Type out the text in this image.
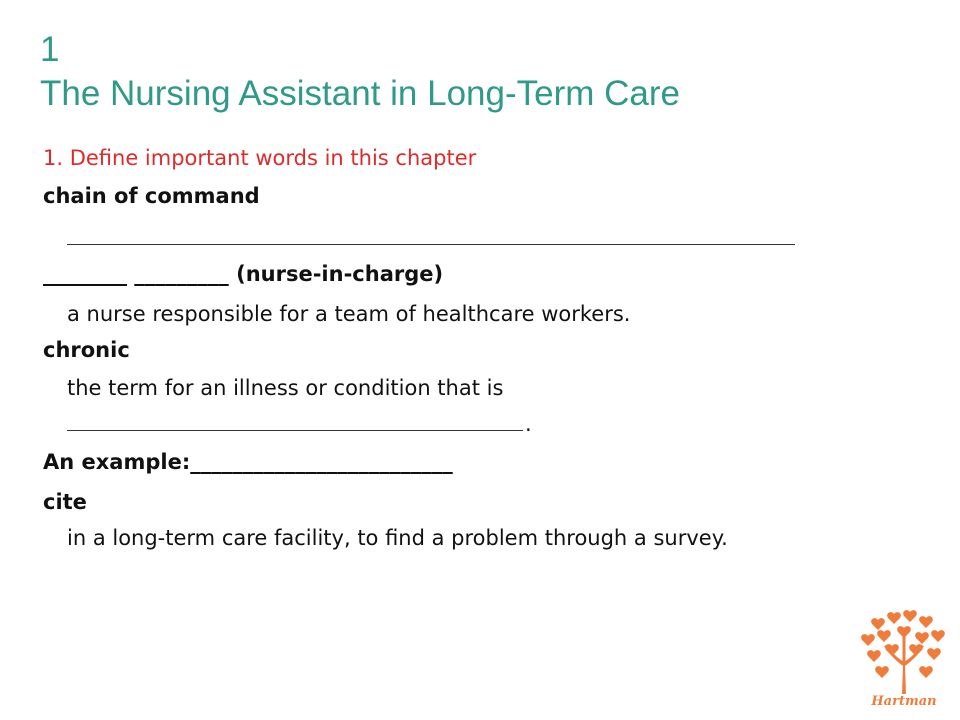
1
The Nursing Assistant in Long-Term Care
1. Define important words in this chapter
chain of command
________ _________ (nurse-in-charge)
a nurse responsible for a team of healthcare workers.
chronic
the term for an illness or condition that is
.
An example:_________________________
cite
in a long-term care facility, to find a problem through a survey.
Hartman
